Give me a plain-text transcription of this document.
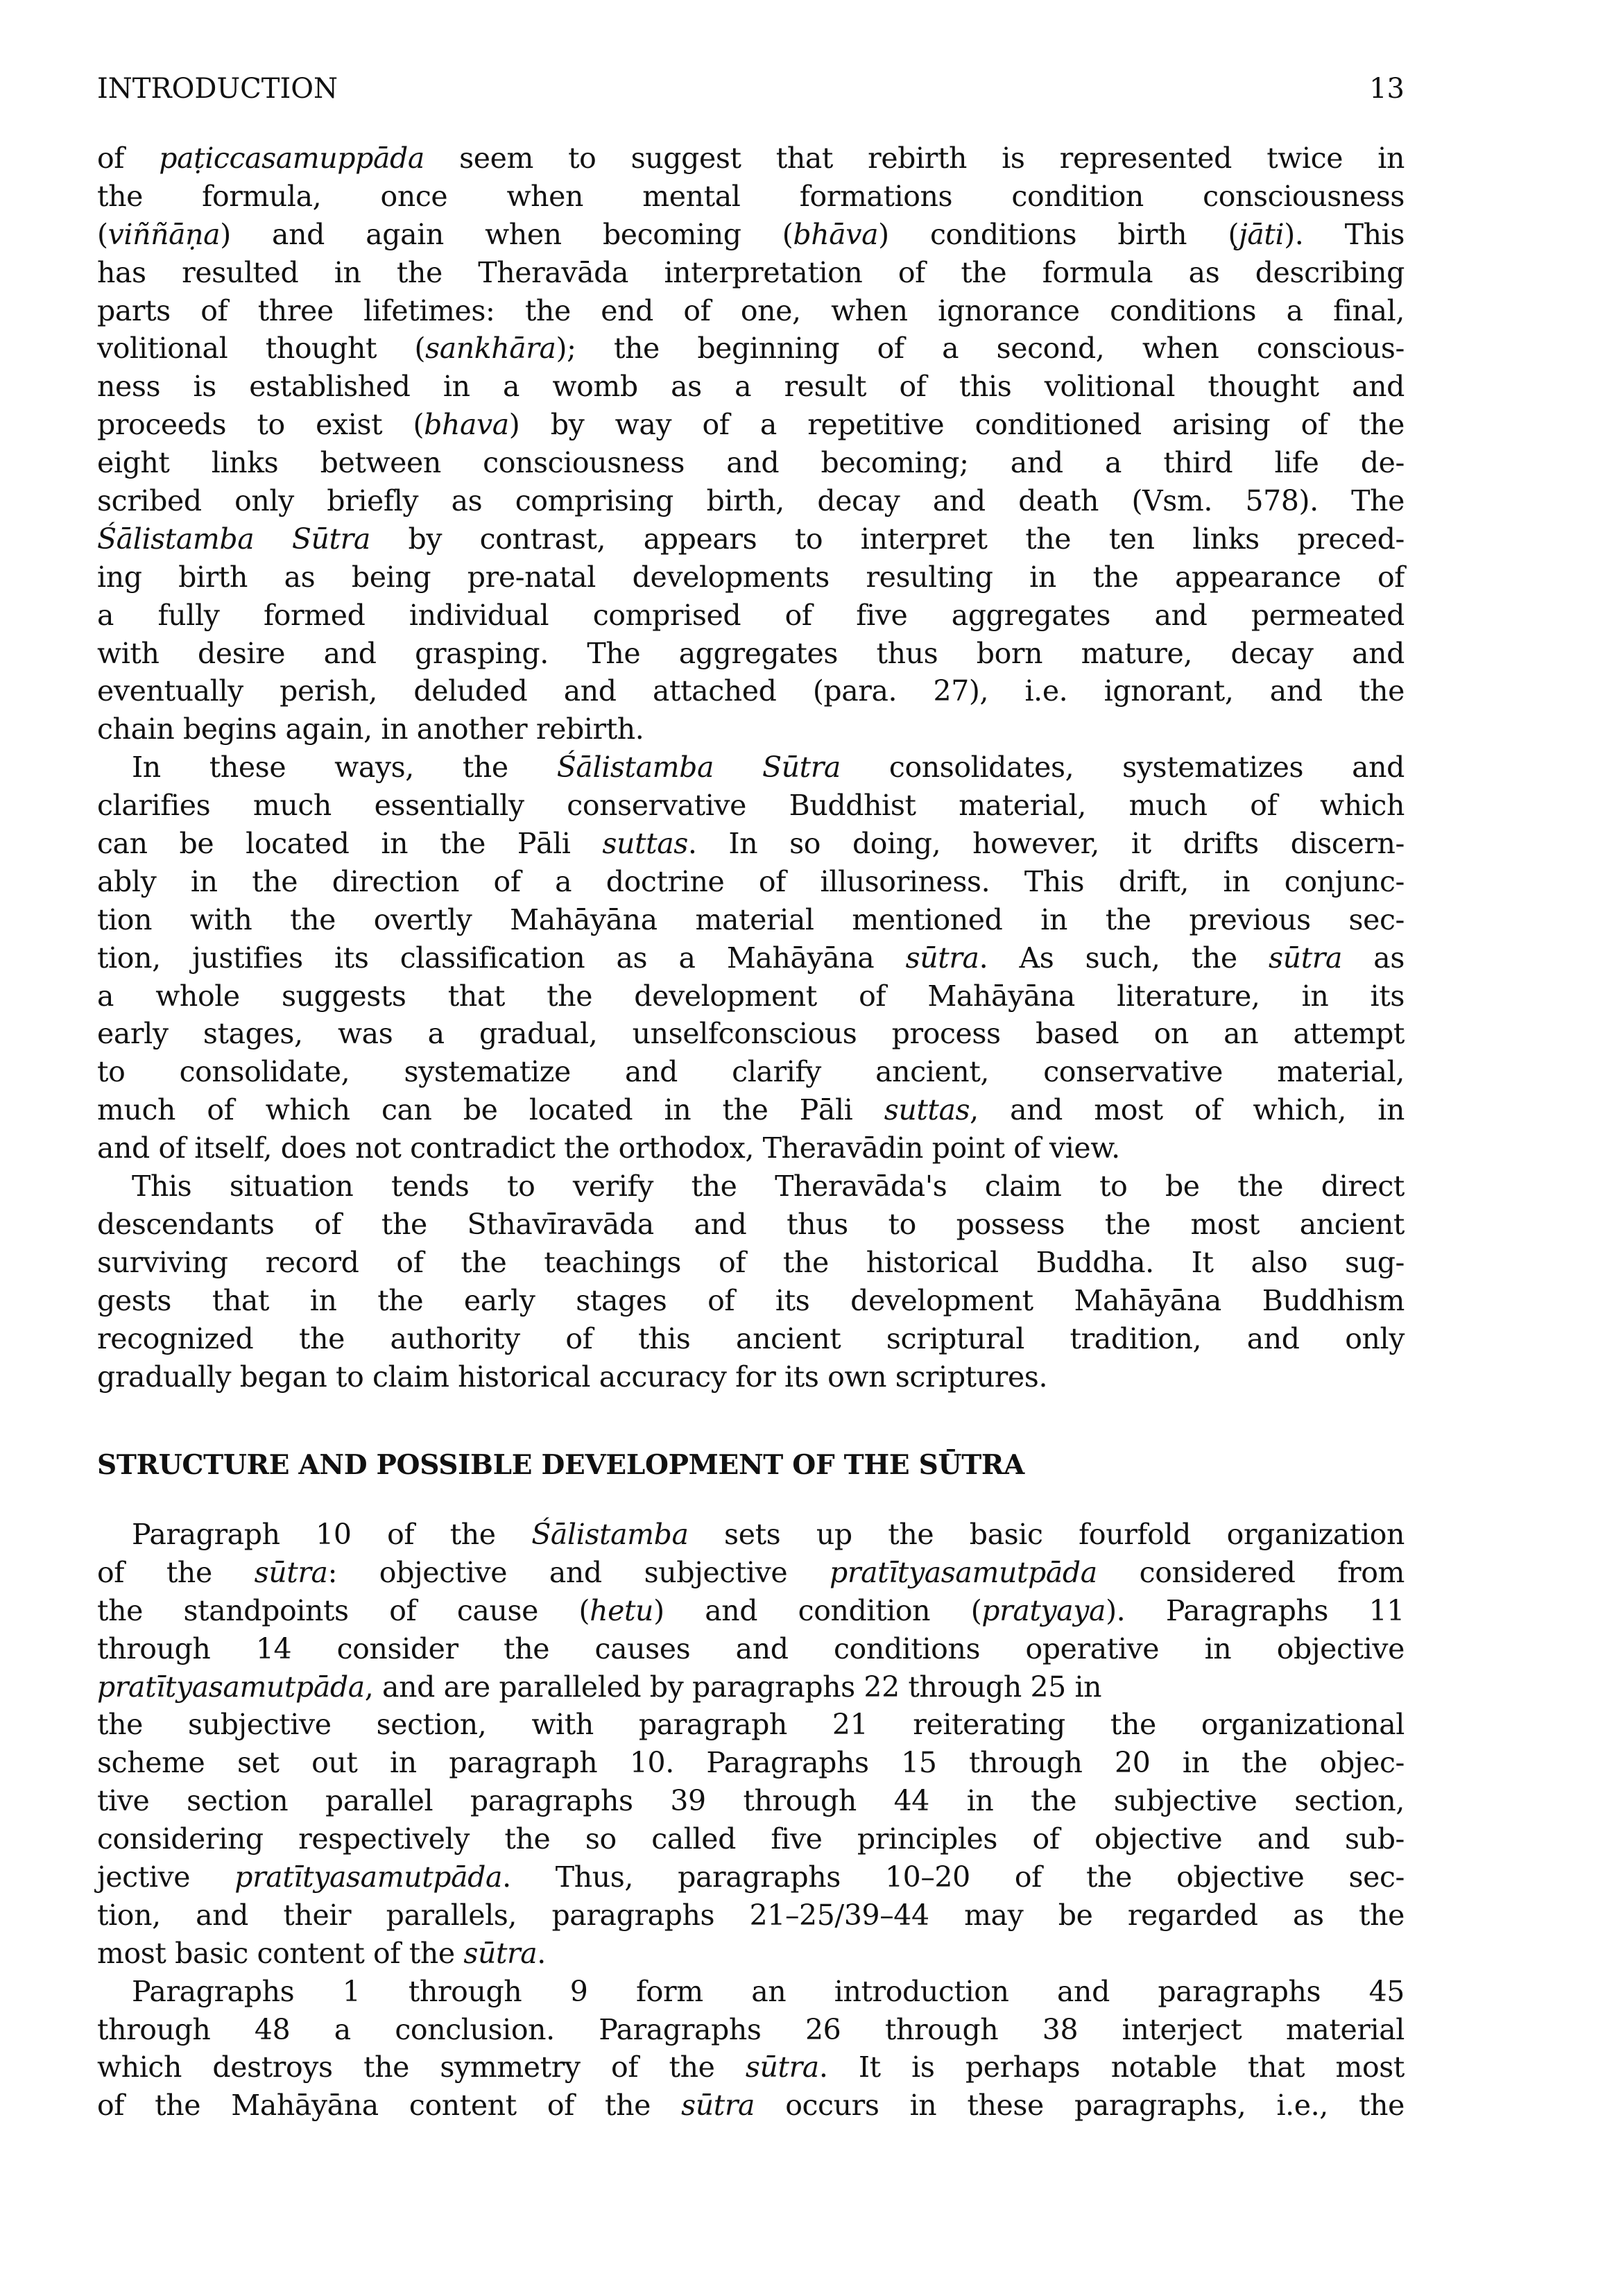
INTRODUCTION	13
of paṭiccasamuppāda seem to suggest that rebirth is represented twice in
the formula, once when mental formations condition consciousness
(viññāṇa) and again when becoming (bhāva) conditions birth (jāti). This
has resulted in the Theravāda interpretation of the formula as describing
parts of three lifetimes: the end of one, when ignorance conditions a final,
volitional thought (sankhāra); the beginning of a second, when conscious-
ness is established in a womb as a result of this volitional thought and
proceeds to exist (bhava) by way of a repetitive conditioned arising of the
eight links between consciousness and becoming; and a third life de-
scribed only briefly as comprising birth, decay and death (Vsm. 578). The
Śālistamba Sūtra by contrast, appears to interpret the ten links preced-
ing birth as being pre-natal developments resulting in the appearance of
a fully formed individual comprised of five aggregates and permeated
with desire and grasping. The aggregates thus born mature, decay and
eventually perish, deluded and attached (para. 27), i.e. ignorant, and the
chain begins again, in another rebirth.
In these ways, the Śālistamba Sūtra consolidates, systematizes and
clarifies much essentially conservative Buddhist material, much of which
can be located in the Pāli suttas. In so doing, however, it drifts discern-
ably in the direction of a doctrine of illusoriness. This drift, in conjunc-
tion with the overtly Mahāyāna material mentioned in the previous sec-
tion, justifies its classification as a Mahāyāna sūtra. As such, the sūtra as
a whole suggests that the development of Mahāyāna literature, in its
early stages, was a gradual, unselfconscious process based on an attempt
to consolidate, systematize and clarify ancient, conservative material,
much of which can be located in the Pāli suttas, and most of which, in
and of itself, does not contradict the orthodox, Theravādin point of view.
This situation tends to verify the Theravāda's claim to be the direct
descendants of the Sthavīravāda and thus to possess the most ancient
surviving record of the teachings of the historical Buddha. It also sug-
gests that in the early stages of its development Mahāyāna Buddhism
recognized the authority of this ancient scriptural tradition, and only
gradually began to claim historical accuracy for its own scriptures.
STRUCTURE AND POSSIBLE DEVELOPMENT OF THE SŪTRA
Paragraph 10 of the Śālistamba sets up the basic fourfold organization
of the sūtra: objective and subjective pratītyasamutpāda considered from
the standpoints of cause (hetu) and condition (pratyaya). Paragraphs 11
through 14 consider the causes and conditions operative in objective
pratītyasamutpāda, and are paralleled by paragraphs 22 through 25 in
the subjective section, with paragraph 21 reiterating the organizational
scheme set out in paragraph 10. Paragraphs 15 through 20 in the objec-
tive section parallel paragraphs 39 through 44 in the subjective section,
considering respectively the so called five principles of objective and sub-
jective pratītyasamutpāda. Thus, paragraphs 10–20 of the objective sec-
tion, and their parallels, paragraphs 21–25/39–44 may be regarded as the
most basic content of the sūtra.
Paragraphs 1 through 9 form an introduction and paragraphs 45
through 48 a conclusion. Paragraphs 26 through 38 interject material
which destroys the symmetry of the sūtra. It is perhaps notable that most
of the Mahāyāna content of the sūtra occurs in these paragraphs, i.e., the
